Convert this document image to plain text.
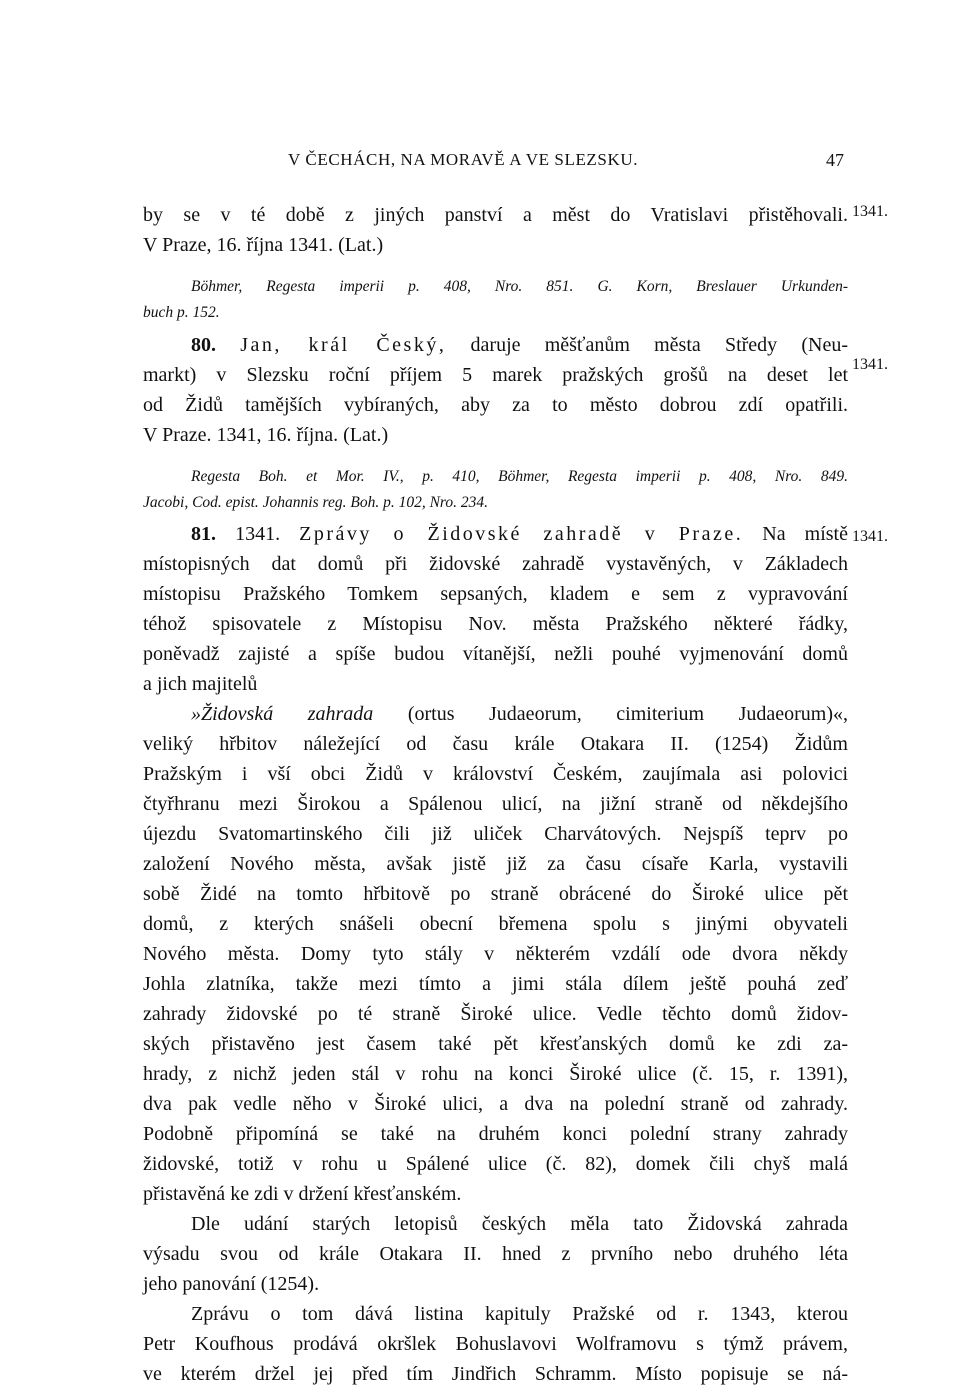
V ČECHÁCH, NA MORAVĚ A VE SLEZSKU.	47
1341.
by se v té době z jiných panství a měst do Vratislavi přistěhovali.
V Praze, 16. října 1341. (Lat.)
Böhmer, Regesta imperii p. 408, Nro. 851. G. Korn, Breslauer Urkunden-
buch p. 152.
1341.
80. Jan, král Český, daruje měšťanům města Středy (Neu-
markt) v Slezsku roční příjem 5 marek pražských grošů na deset let
od Židů tamějších vybíraných, aby za to město dobrou zdí opatřili.
V Praze. 1341, 16. října. (Lat.)
Regesta Boh. et Mor. IV., p. 410, Böhmer, Regesta imperii p. 408, Nro. 849.
Jacobi, Cod. epist. Johannis reg. Boh. p. 102, Nro. 234.
1341.
81. 1341. Zprávy o Židovské zahradě v Praze. Na místě
místopisných dat domů při židovské zahradě vystavěných, v Základech
místopisu Pražského Tomkem sepsaných, kladem e sem z vypravování
téhož spisovatele z Místopisu Nov. města Pražského některé řádky,
poněvadž zajisté a spíše budou vítanější, nežli pouhé vyjmenování domů
a jich majitelů
»Židovská zahrada (ortus Judaeorum, cimiterium Judaeorum)«,
veliký hřbitov náležející od času krále Otakara II. (1254) Židům
Pražským i vší obci Židů v království Českém, zaujímala asi polovici
čtyřhranu mezi Širokou a Spálenou ulicí, na jižní straně od někdejšího
újezdu Svatomartinského čili již uliček Charvátových. Nejspíš teprv po
založení Nového města, avšak jistě již za času císaře Karla, vystavili
sobě Židé na tomto hřbitově po straně obrácené do Široké ulice pět
domů, z kterých snášeli obecní břemena spolu s jinými obyvateli
Nového města. Domy tyto stály v některém vzdálí ode dvora někdy
Johla zlatníka, takže mezi tímto a jimi stála dílem ještě pouhá zeď
zahrady židovské po té straně Široké ulice. Vedle těchto domů židov-
ských přistavěno jest časem také pět křesťanských domů ke zdi za-
hrady, z nichž jeden stál v rohu na konci Široké ulice (č. 15, r. 1391),
dva pak vedle něho v Široké ulici, a dva na polední straně od zahrady.
Podobně připomíná se také na druhém konci polední strany zahrady
židovské, totiž v rohu u Spálené ulice (č. 82), domek čili chyš malá
přistavěná ke zdi v držení křesťanském.
Dle udání starých letopisů českých měla tato Židovská zahrada
výsadu svou od krále Otakara II. hned z prvního nebo druhého léta
jeho panování (1254).
Zprávu o tom dává listina kapituly Pražské od r. 1343, kterou
Petr Koufhous prodává okršlek Bohuslavovi Wolframovu s týmž právem,
ve kterém držel jej před tím Jindřich Schramm. Místo popisuje se ná-
